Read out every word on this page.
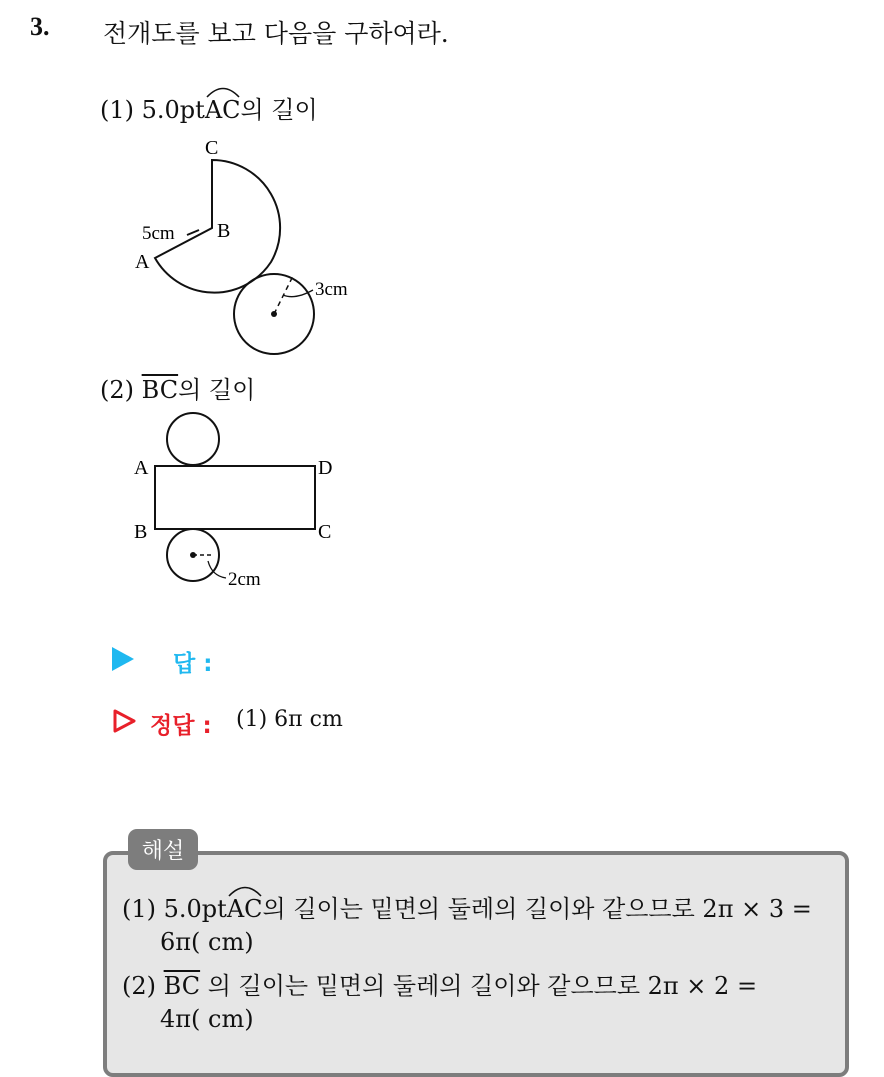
3. 전개도를 보고 다음을 구하여라.
(1) 5.0pt
AC의 길이
C
B
A
5cm
3cm
(2) $\overline{BC}$의 길이
A	D
B	C
2cm
답 :
정답 : (1) 6π cm
해설
(1) 5.0pt
AC의 길이는 밑면의 둘레의 길이와 같으므로 2π × 3 =
6π( cm)
(2) $\overline{BC}$ 의 길이는 밑면의 둘레의 길이와 같으므로 2π × 2 =
4π( cm)
